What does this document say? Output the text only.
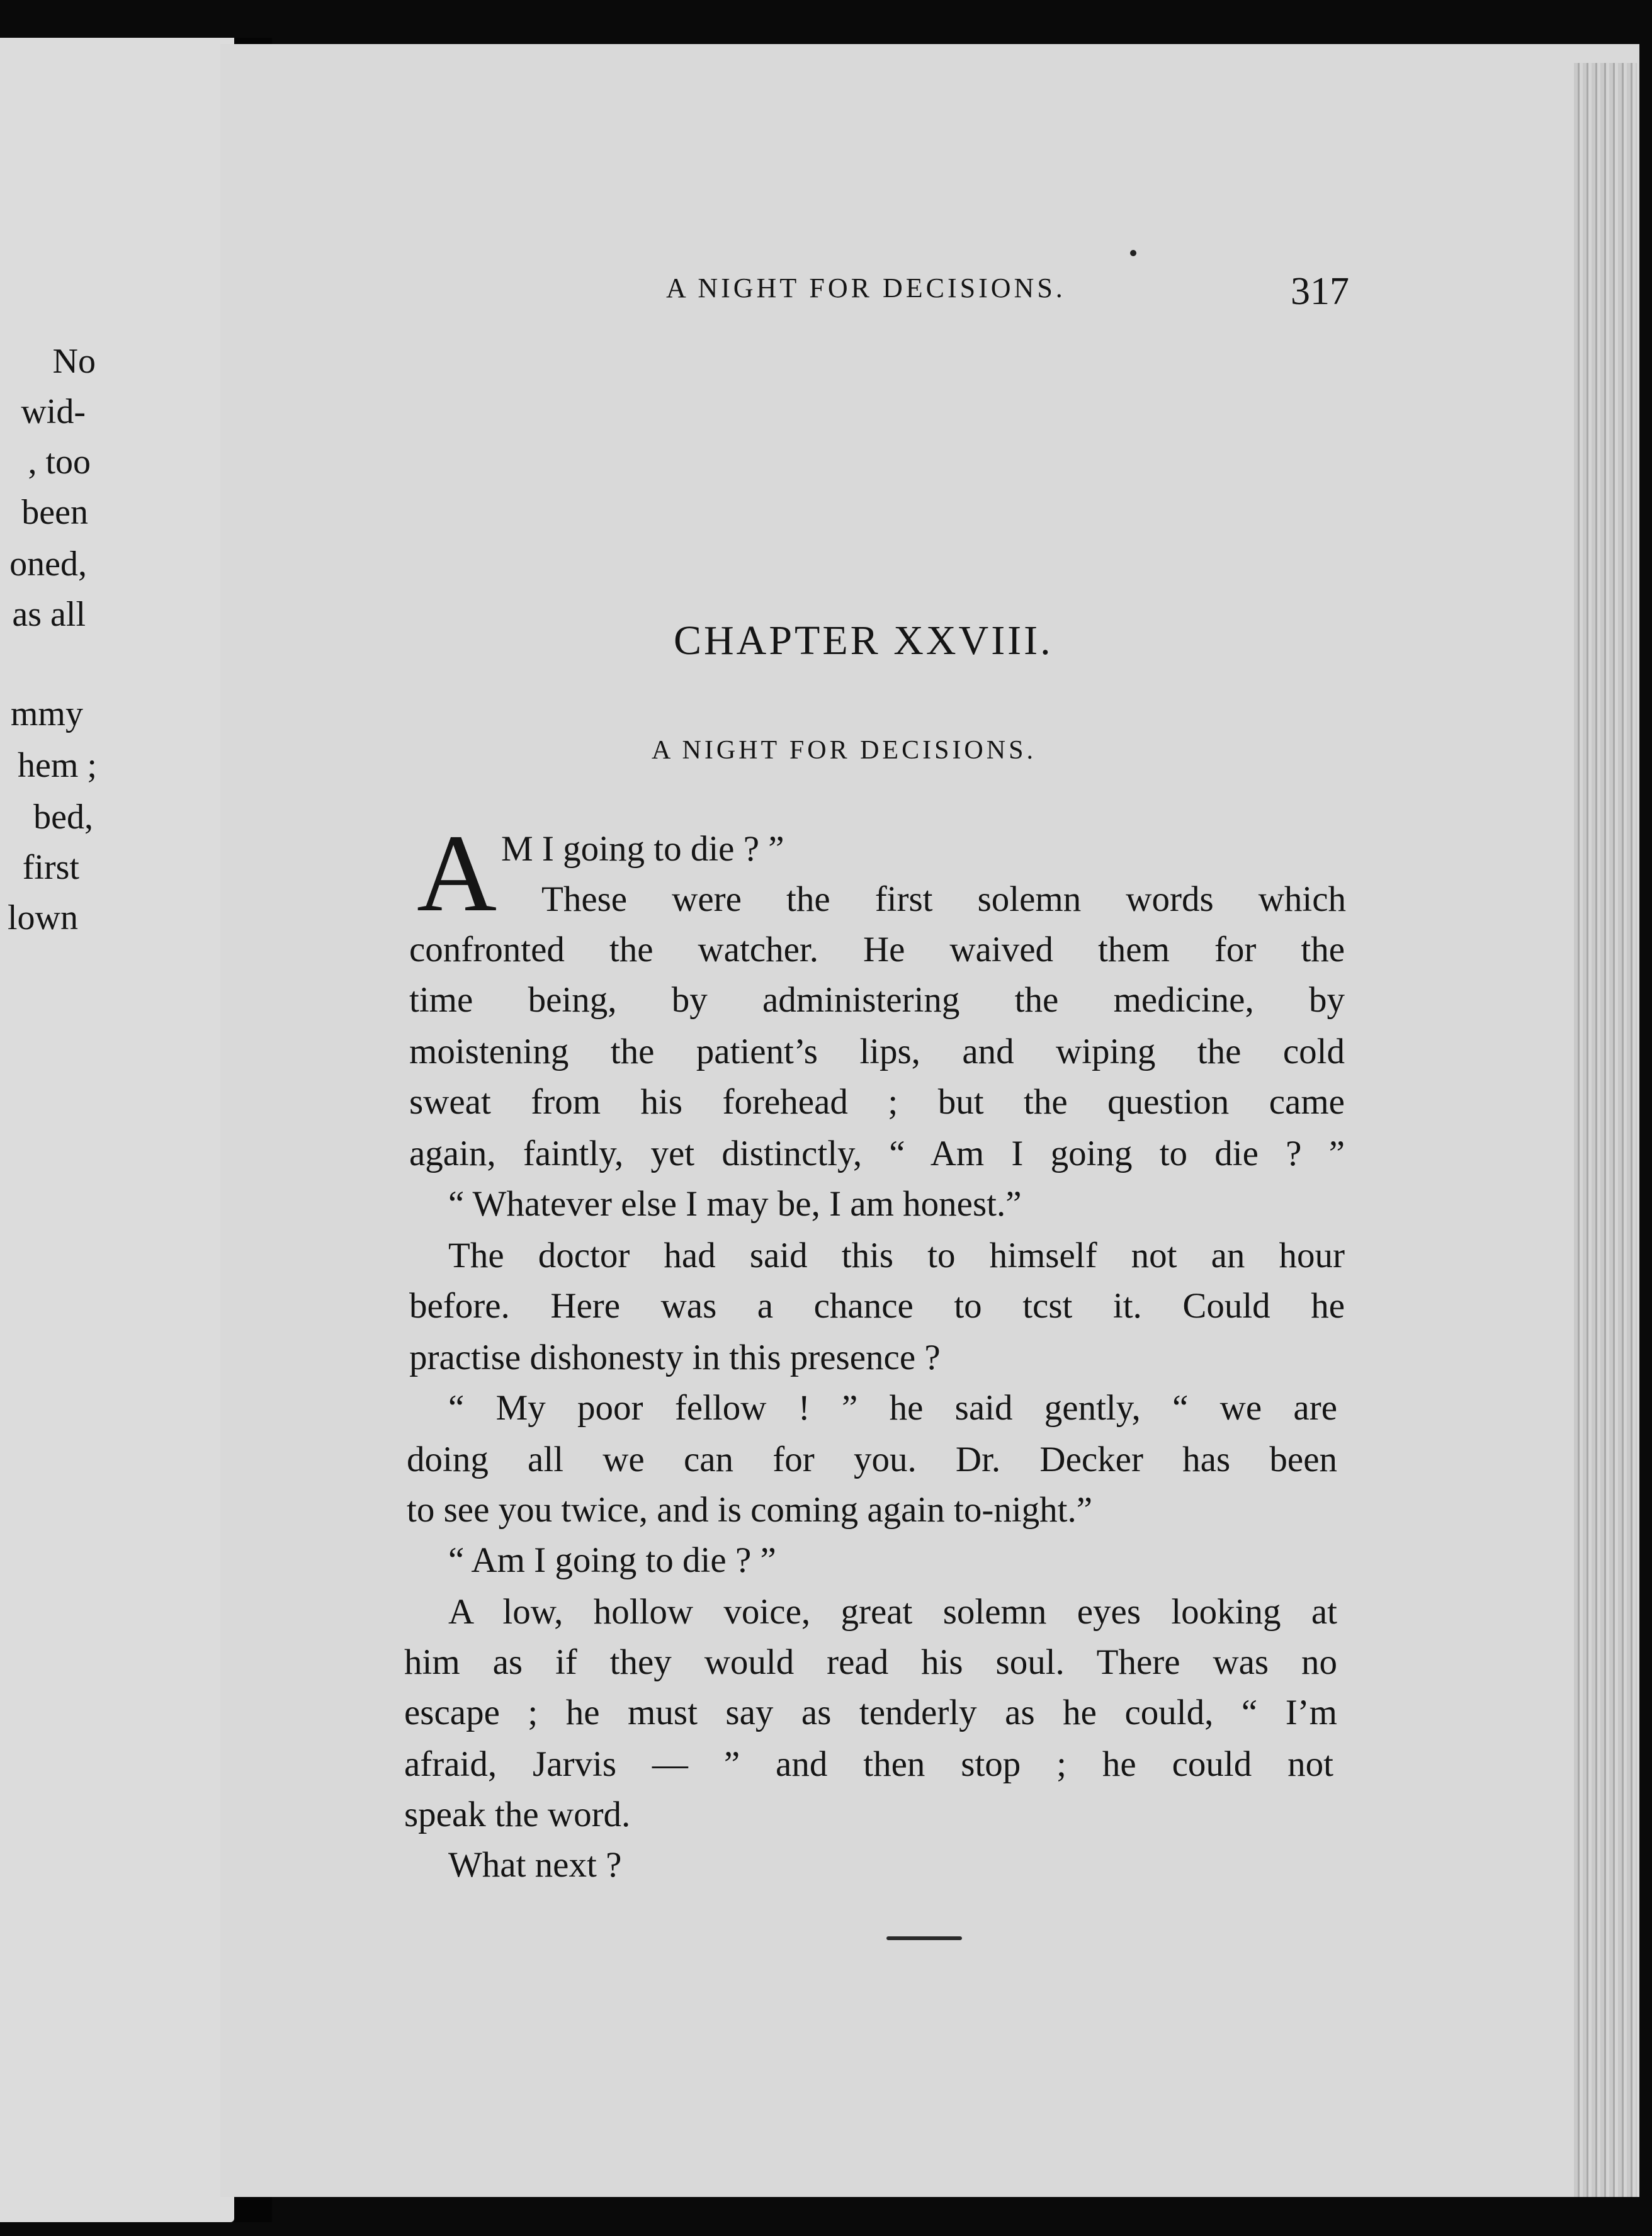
No
wid-
, too
been
oned,
as all
mmy
hem ;
bed,
first
lown
A NIGHT FOR DECISIONS.	317
CHAPTER XXVIII.
A NIGHT FOR DECISIONS.
A M I going to die ? ”
These were the first solemn words which
confronted the watcher. He waived them for the
time being, by administering the medicine, by
moistening the patient’s lips, and wiping the cold
sweat from his forehead ; but the question came
again, faintly, yet distinctly, “ Am I going to die ? ”
“ Whatever else I may be, I am honest.”
The doctor had said this to himself not an hour
before. Here was a chance to tcst it. Could he
practise dishonesty in this presence ?
“ My poor fellow ! ” he said gently, “ we are
doing all we can for you. Dr. Decker has been
to see you twice, and is coming again to-night.”
“ Am I going to die ? ”
A low, hollow voice, great solemn eyes looking at
him as if they would read his soul. There was no
escape ; he must say as tenderly as he could, “ I’m
afraid, Jarvis — ” and then stop ; he could not
speak the word.
What next ?
